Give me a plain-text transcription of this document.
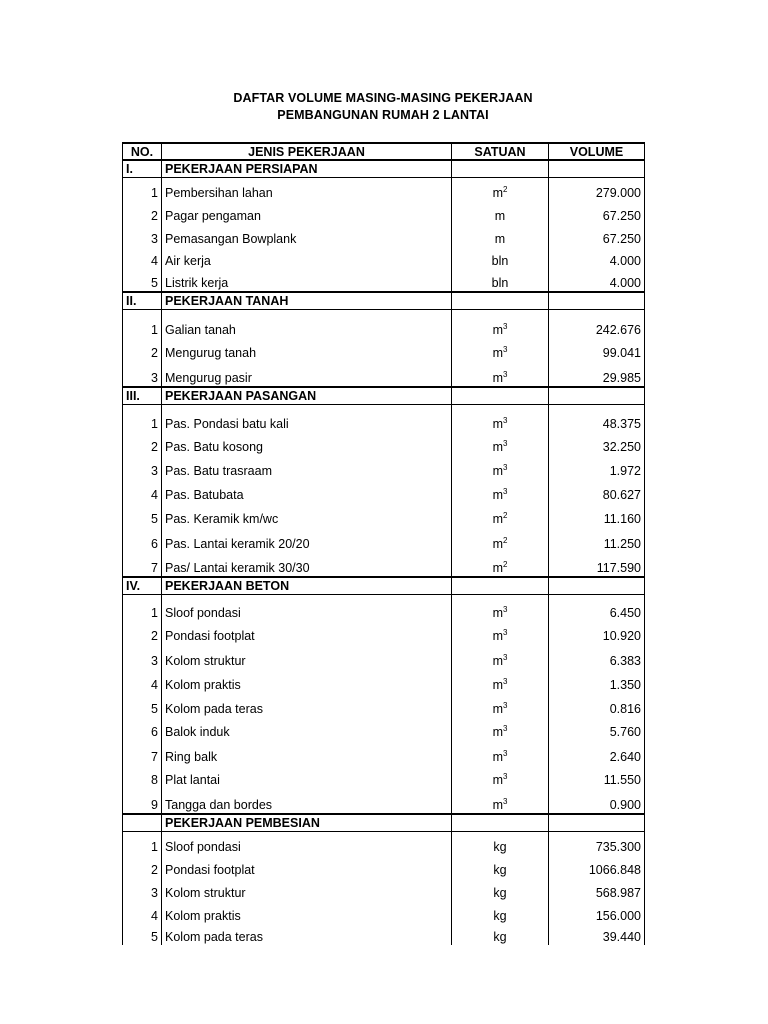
DAFTAR VOLUME MASING-MASING PEKERJAAN
PEMBANGUNAN RUMAH 2 LANTAI
NO.	JENIS PEKERJAAN	SATUAN	VOLUME
I.	PEKERJAAN PERSIAPAN		
1	Pembersihan lahan	$m^2$	279.000
2	Pagar pengaman	m	67.250
3	Pemasangan Bowplank	m	67.250
4	Air kerja	bln	4.000
5	Listrik kerja	bln	4.000
II.	PEKERJAAN TANAH		
1	Galian tanah	$m^3$	242.676
2	Mengurug tanah	$m^3$	99.041
3	Mengurug pasir	$m^3$	29.985
III.	PEKERJAAN PASANGAN		
1	Pas. Pondasi batu kali	$m^3$	48.375
2	Pas. Batu kosong	$m^3$	32.250
3	Pas. Batu trasraam	$m^3$	1.972
4	Pas. Batubata	$m^3$	80.627
5	Pas. Keramik km/wc	$m^2$	11.160
6	Pas. Lantai keramik 20/20	$m^2$	11.250
7	Pas/ Lantai keramik 30/30	$m^2$	117.590
IV.	PEKERJAAN BETON		
1	Sloof pondasi	$m^3$	6.450
2	Pondasi footplat	$m^3$	10.920
3	Kolom struktur	$m^3$	6.383
4	Kolom praktis	$m^3$	1.350
5	Kolom pada teras	$m^3$	0.816
6	Balok induk	$m^3$	5.760
7	Ring balk	$m^3$	2.640
8	Plat lantai	$m^3$	11.550
9	Tangga dan bordes	$m^3$	0.900
	PEKERJAAN PEMBESIAN		
1	Sloof pondasi	kg	735.300
2	Pondasi footplat	kg	1066.848
3	Kolom struktur	kg	568.987
4	Kolom praktis	kg	156.000
5	Kolom pada teras	kg	39.440
